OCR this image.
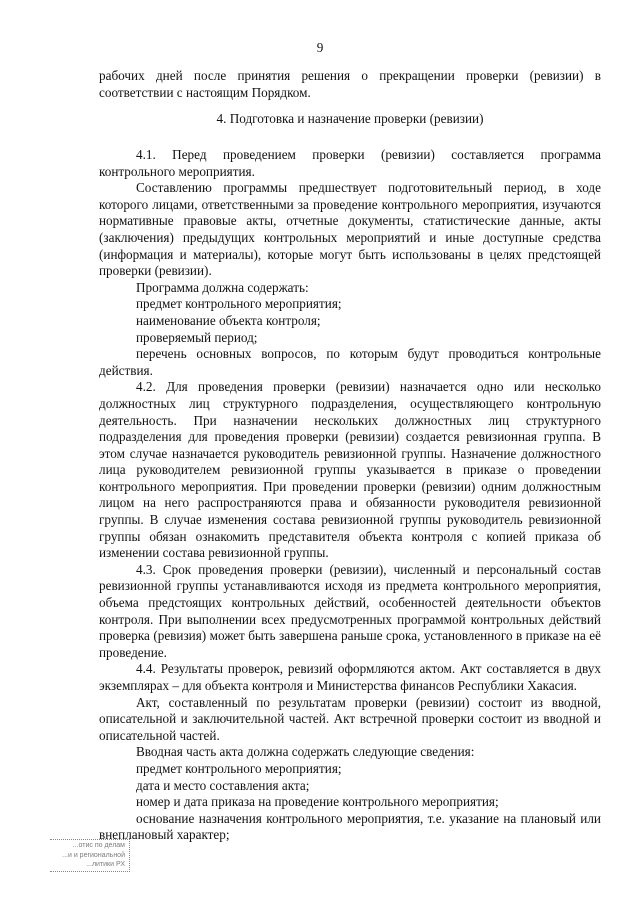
9

рабочих дней после принятия решения о прекращении проверки (ревизии) в соответствии с настоящим Порядком.

4. Подготовка и назначение проверки (ревизии)

4.1. Перед проведением проверки (ревизии) составляется программа контрольного мероприятия.

Составлению программы предшествует подготовительный период, в ходе которого лицами, ответственными за проведение контрольного мероприятия, изучаются нормативные правовые акты, отчетные документы, статистические данные, акты (заключения) предыдущих контрольных мероприятий и иные доступные средства (информация и материалы), которые могут быть использованы в целях предстоящей проверки (ревизии).

Программа должна содержать:

предмет контрольного мероприятия;

наименование объекта контроля;

проверяемый период;

перечень основных вопросов, по которым будут проводиться контрольные действия.

4.2. Для проведения проверки (ревизии) назначается одно или несколько должностных лиц структурного подразделения, осуществляющего контрольную деятельность. При назначении нескольких должностных лиц структурного подразделения для проведения проверки (ревизии) создается ревизионная группа. В этом случае назначается руководитель ревизионной группы. Назначение должностного лица руководителем ревизионной группы указывается в приказе о проведении контрольного мероприятия. При проведении проверки (ревизии) одним должностным лицом на него распространяются права и обязанности руководителя ревизионной группы. В случае изменения состава ревизионной группы руководитель ревизионной группы обязан ознакомить представителя объекта контроля с копией приказа об изменении состава ревизионной группы.

4.3. Срок проведения проверки (ревизии), численный и персональный состав ревизионной группы устанавливаются исходя из предмета контрольного мероприятия, объема предстоящих контрольных действий, особенностей деятельности объектов контроля. При выполнении всех предусмотренных программой контрольных действий проверка (ревизия) может быть завершена раньше срока, установленного в приказе на её проведение.

4.4. Результаты проверок, ревизий оформляются актом. Акт составляется в двух экземплярах – для объекта контроля и Министерства финансов Республики Хакасия.

Акт, составленный по результатам проверки (ревизии) состоит из вводной, описательной и заключительной частей. Акт встречной проверки состоит из вводной и описательной частей.

Вводная часть акта должна содержать следующие сведения:

предмет контрольного мероприятия;

дата и место составления акта;

номер и дата приказа на проведение контрольного мероприятия;

основание назначения контрольного мероприятия, т.е. указание на плановый или внеплановый характер;

...отис по делам
...и и региональной
...литики РХ
